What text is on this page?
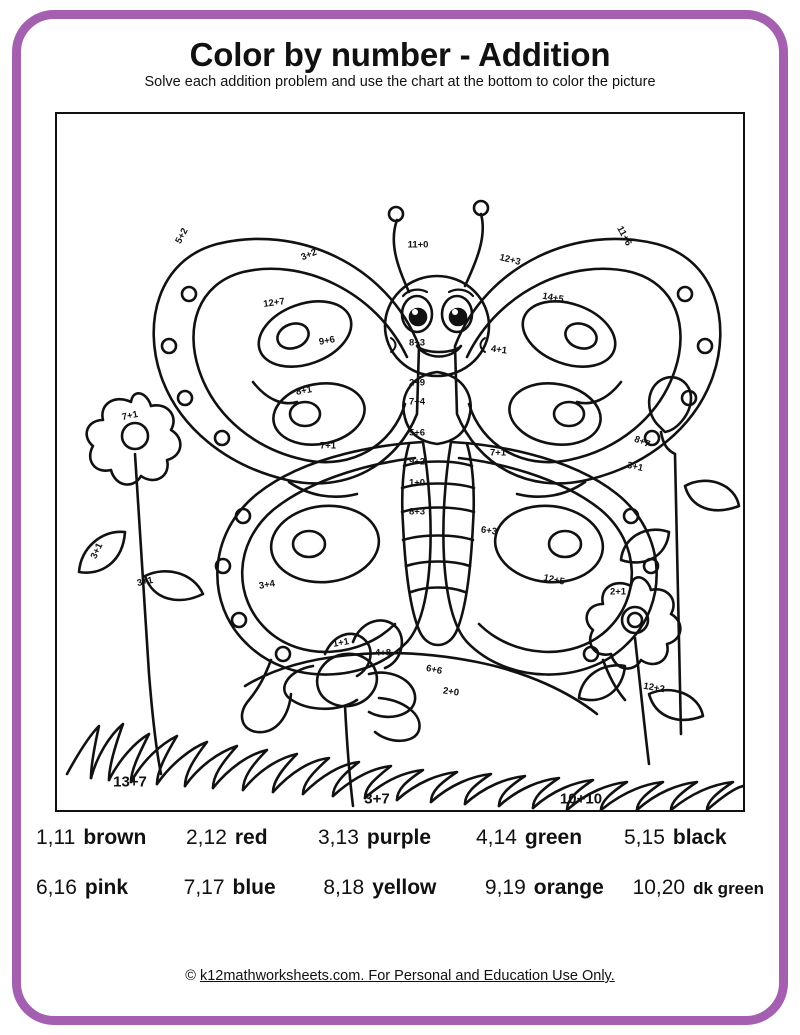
Color by number - Addition
Solve each addition problem and use the chart at the bottom to color the picture
5+2
3+2
12+7
9+6
11+0
12+3
11+6
14+5
4+1
8+3
2+9
7+4
5+6
9+2
1+0
8+3
8+1
7+1
7+1
6+3
3+4
7+1
3+1
3+1
8+7
3+1
2+1
12+2
12+5
1+1
4+8
6+6
2+0
13+7
3+7	10+10
1,11 brown 2,12 red 3,13 purple 4,14 green 5,15 black
6,16 pink	7,17 blue 8,18 yellow 9,19 orange 10,20 dk green
© k12mathworksheets.com. For Personal and Education Use Only.
